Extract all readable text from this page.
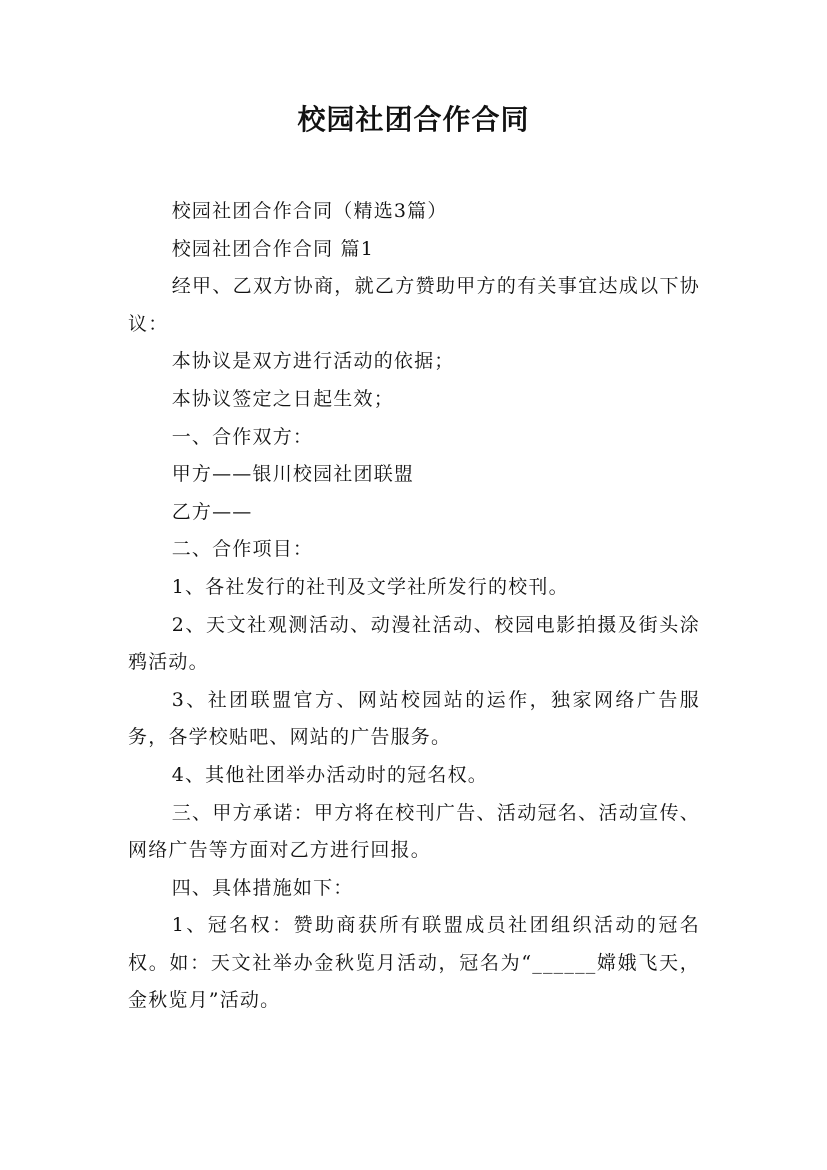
校园社团合作合同

校园社团合作合同（精选3篇）

校园社团合作合同 篇1

经甲、乙双方协商，就乙方赞助甲方的有关事宜达成以下协议：

本协议是双方进行活动的依据；

本协议签定之日起生效；

一、合作双方：

甲方——银川校园社团联盟

乙方——

二、合作项目：

1、各社发行的社刊及文学社所发行的校刊。

2、天文社观测活动、动漫社活动、校园电影拍摄及街头涂鸦活动。

3、社团联盟官方、网站校园站的运作，独家网络广告服务，各学校贴吧、网站的广告服务。

4、其他社团举办活动时的冠名权。

三、甲方承诺：甲方将在校刊广告、活动冠名、活动宣传、网络广告等方面对乙方进行回报。

四、具体措施如下：

1、冠名权：赞助商获所有联盟成员社团组织活动的冠名权。如：天文社举办金秋览月活动，冠名为“______嫦娥飞天，金秋览月”活动。
